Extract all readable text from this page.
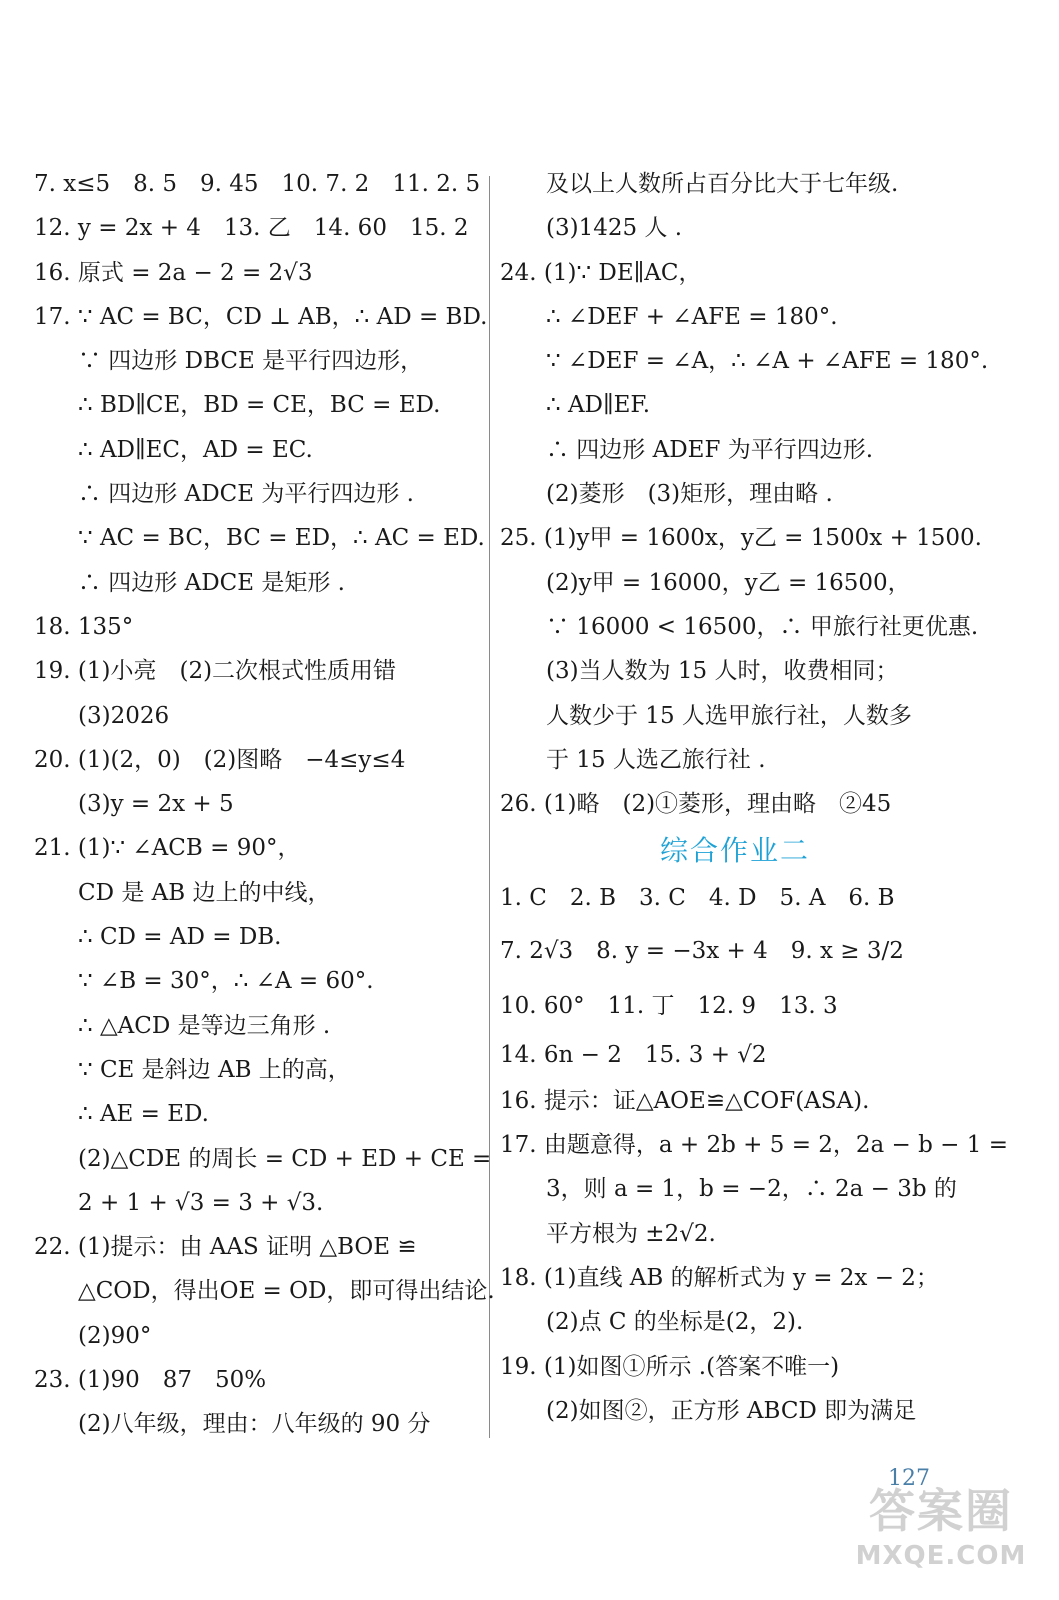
7. x≤5　8. 5　9. 45　10. 7. 2　11. 2. 5
12. y = 2x + 4　13. 乙　14. 60　15. 2
16. 原式 = 2a − 2 = 2√3
17. ∵ AC = BC，CD ⊥ AB，∴ AD = BD.
∵ 四边形 DBCE 是平行四边形，
∴ BD∥CE，BD = CE，BC = ED.
∴ AD∥EC，AD = EC.
∴ 四边形 ADCE 为平行四边形 .
∵ AC = BC，BC = ED，∴ AC = ED.
∴ 四边形 ADCE 是矩形 .
18. 135°
19. (1)小亮　(2)二次根式性质用错
(3)2026
20. (1)(2，0)　(2)图略　−4≤y≤4
(3)y = 2x + 5
21. (1)∵ ∠ACB = 90°，
CD 是 AB 边上的中线，
∴ CD = AD = DB.
∵ ∠B = 30°，∴ ∠A = 60°.
∴ △ACD 是等边三角形 .
∵ CE 是斜边 AB 上的高，
∴ AE = ED.
(2)△CDE 的周长 = CD + ED + CE =
2 + 1 + √3 = 3 + √3.
22. (1)提示：由 AAS 证明 △BOE ≌
△COD，得出OE = OD，即可得出结论.
(2)90°
23. (1)90　87　50%
(2)八年级，理由：八年级的 90 分
及以上人数所占百分比大于七年级.
(3)1425 人 .
24. (1)∵ DE∥AC，
∴ ∠DEF + ∠AFE = 180°.
∵ ∠DEF = ∠A，∴ ∠A + ∠AFE = 180°.
∴ AD∥EF.
∴ 四边形 ADEF 为平行四边形.
(2)菱形　(3)矩形，理由略 .
25. (1)y甲 = 1600x，y乙 = 1500x + 1500.
(2)y甲 = 16000，y乙 = 16500，
∵ 16000 < 16500，∴ 甲旅行社更优惠.
(3)当人数为 15 人时，收费相同；
人数少于 15 人选甲旅行社，人数多
于 15 人选乙旅行社 .
26. (1)略　(2)①菱形，理由略　②45
综合作业二
1. C　2. B　3. C　4. D　5. A　6. B
7. 2√3　8. y = −3x + 4　9. x ≥ 3/2
10. 60°　11. 丁　12. 9　13. 3
14. 6n − 2　15. 3 + √2
16. 提示：证△AOE≌△COF(ASA).
17. 由题意得，a + 2b + 5 = 2，2a − b − 1 =
3，则 a = 1，b = −2，∴ 2a − 3b 的
平方根为 ±2√2.
18. (1)直线 AB 的解析式为 y = 2x − 2；
(2)点 C 的坐标是(2，2).
19. (1)如图①所示 .(答案不唯一)
(2)如图②，正方形 ABCD 即为满足
127
答案圈
MXQE.COM
